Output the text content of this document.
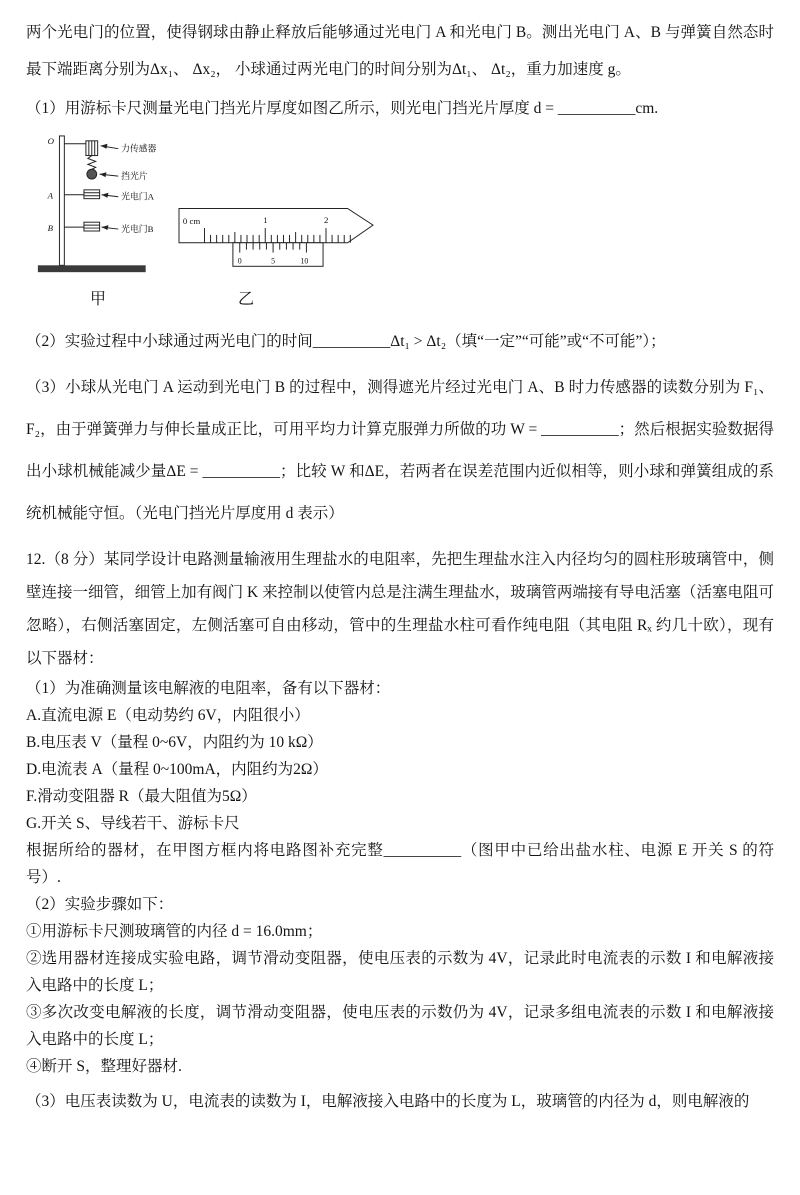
两个光电门的位置，使得钢球由静止释放后能够通过光电门 A 和光电门 B。测出光电门 A、B 与弹簧自然态时最下端距离分别为Δx₁、 Δx₂， 小球通过两光电门的时间分别为Δt₁、 Δt₂，重力加速度 g。

（1）用游标卡尺测量光电门挡光片厚度如图乙所示，则光电门挡光片厚度 d = __________cm.

O
A
B
力传感器
挡光片
光电门A
光电门B
0 cm	1	2
0	5	10
甲	乙

（2）实验过程中小球通过两光电门的时间__________Δt₁ > Δt₂（填“一定”“可能”或“不可能”）；

（3）小球从光电门 A 运动到光电门 B 的过程中，测得遮光片经过光电门 A、B 时力传感器的读数分别为 F₁、F₂，由于弹簧弹力与伸长量成正比，可用平均力计算克服弹力所做的功 W = __________；然后根据实验数据得出小球机械能减少量ΔE = __________；比较 W 和ΔE，若两者在误差范围内近似相等，则小球和弹簧组成的系统机械能守恒。（光电门挡光片厚度用 d 表示）

12.（8 分）某同学设计电路测量输液用生理盐水的电阻率，先把生理盐水注入内径均匀的圆柱形玻璃管中，侧壁连接一细管，细管上加有阀门 K 来控制以使管内总是注满生理盐水，玻璃管两端接有导电活塞（活塞电阻可忽略），右侧活塞固定，左侧活塞可自由移动，管中的生理盐水柱可看作纯电阻（其电阻 Rₓ 约几十欧），现有以下器材：

（1）为准确测量该电解液的电阻率，备有以下器材：

A.直流电源 E（电动势约 6V，内阻很小）

B.电压表 V（量程 0~6V，内阻约为 10 kΩ）

D.电流表 A（量程 0~100mA，内阻约为2Ω）

F.滑动变阻器 R（最大阻值为5Ω）

G.开关 S、导线若干、游标卡尺

根据所给的器材，在甲图方框内将电路图补充完整__________（图甲中已给出盐水柱、电源 E 开关 S 的符号）.

（2）实验步骤如下：

①用游标卡尺测玻璃管的内径 d = 16.0mm；

②选用器材连接成实验电路，调节滑动变阻器，使电压表的示数为 4V，记录此时电流表的示数 I 和电解液接入电路中的长度 L；

③多次改变电解液的长度，调节滑动变阻器，使电压表的示数仍为 4V，记录多组电流表的示数 I 和电解液接入电路中的长度 L；

④断开 S，整理好器材.

（3）电压表读数为 U，电流表的读数为 I，电解液接入电路中的长度为 L，玻璃管的内径为 d，则电解液的
